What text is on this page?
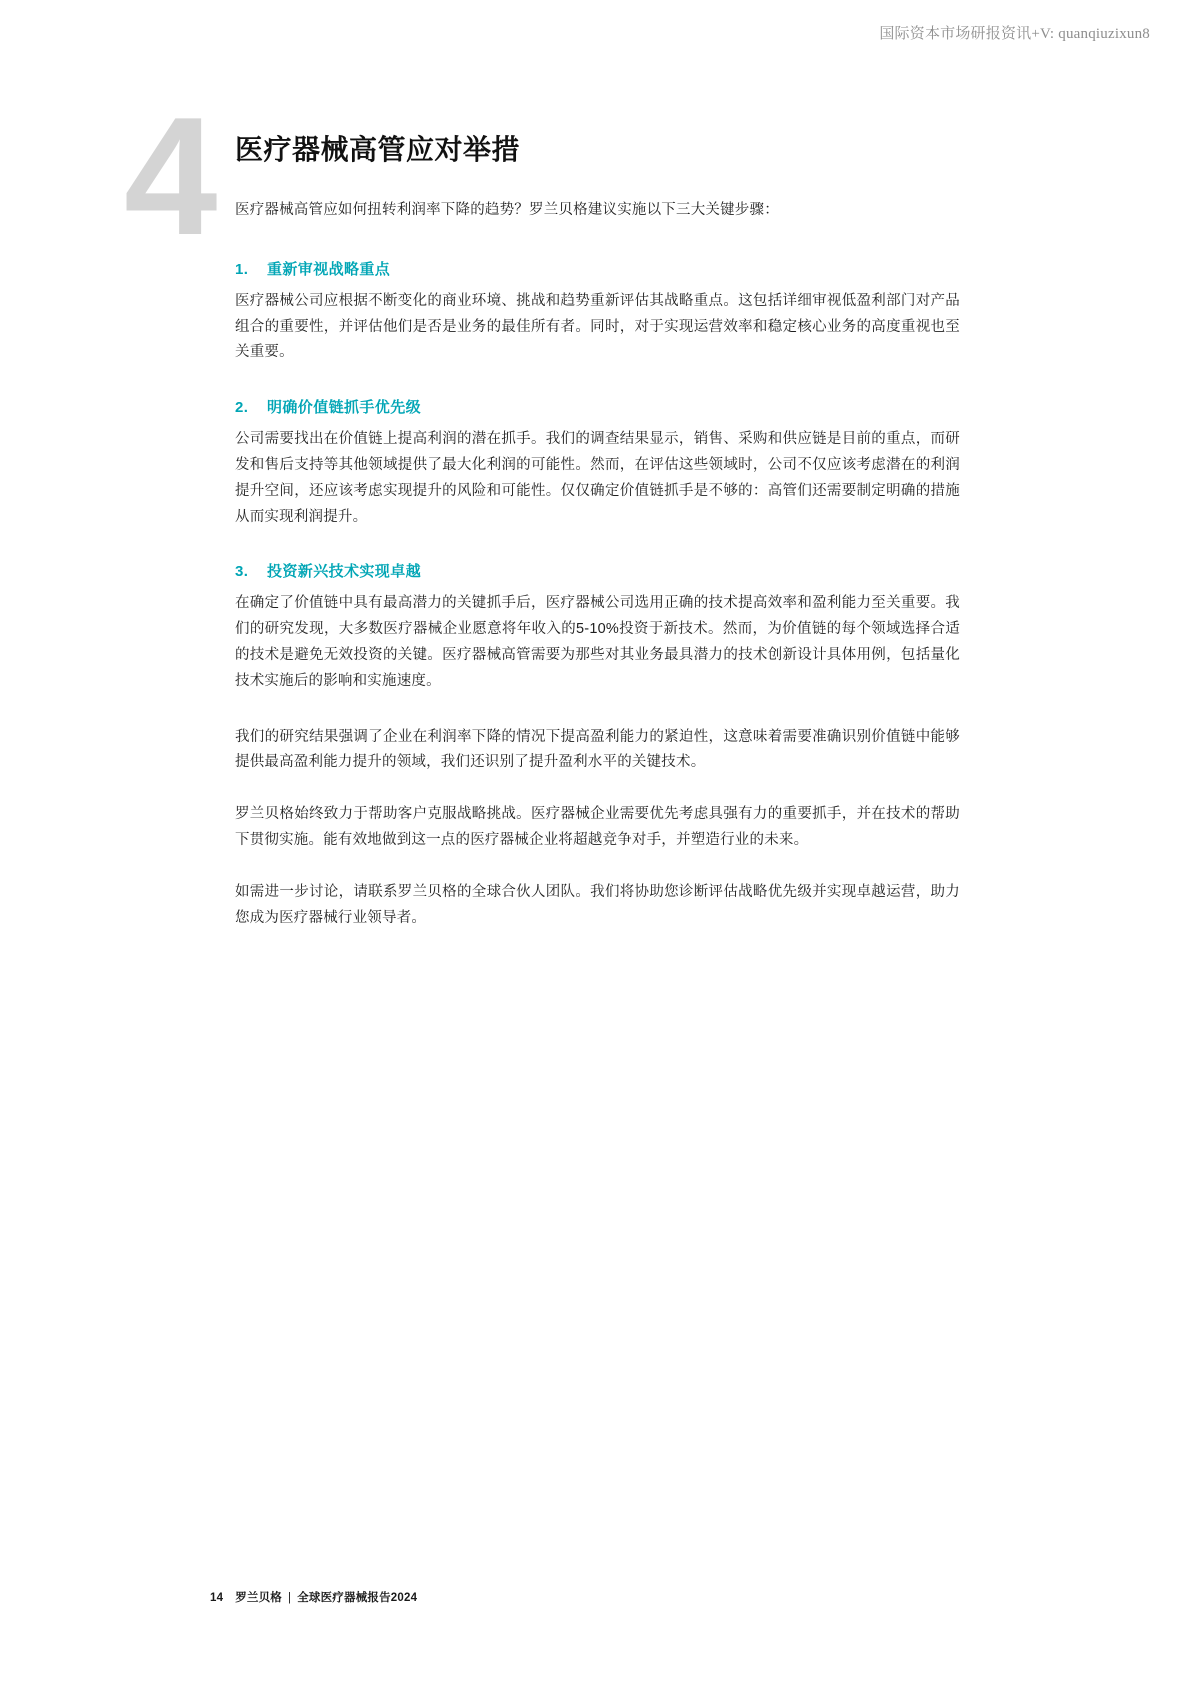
国际资本市场研报资讯+V: quanqiuzixun8
4 医疗器械高管应对举措

医疗器械高管应如何扭转利润率下降的趋势？罗兰贝格建议实施以下三大关键步骤：

1.	重新审视战略重点
医疗器械公司应根据不断变化的商业环境、挑战和趋势重新评估其战略重点。这包括详细审视低盈利部门对产品组合的重要性，并评估他们是否是业务的最佳所有者。同时，对于实现运营效率和稳定核心业务的高度重视也至关重要。
2.	明确价值链抓手优先级
公司需要找出在价值链上提高利润的潜在抓手。我们的调查结果显示，销售、采购和供应链是目前的重点，而研发和售后支持等其他领域提供了最大化利润的可能性。然而，在评估这些领域时，公司不仅应该考虑潜在的利润提升空间，还应该考虑实现提升的风险和可能性。仅仅确定价值链抓手是不够的：高管们还需要制定明确的措施从而实现利润提升。
3.	投资新兴技术实现卓越
在确定了价值链中具有最高潜力的关键抓手后，医疗器械公司选用正确的技术提高效率和盈利能力至关重要。我们的研究发现，大多数医疗器械企业愿意将年收入的5-10%投资于新技术。然而，为价值链的每个领域选择合适的技术是避免无效投资的关键。医疗器械高管需要为那些对其业务最具潜力的技术创新设计具体用例，包括量化技术实施后的影响和实施速度。

我们的研究结果强调了企业在利润率下降的情况下提高盈利能力的紧迫性，这意味着需要准确识别价值链中能够提供最高盈利能力提升的领域，我们还识别了提升盈利水平的关键技术。

罗兰贝格始终致力于帮助客户克服战略挑战。医疗器械企业需要优先考虑具强有力的重要抓手，并在技术的帮助下贯彻实施。能有效地做到这一点的医疗器械企业将超越竞争对手，并塑造行业的未来。

如需进一步讨论，请联系罗兰贝格的全球合伙人团队。我们将协助您诊断评估战略优先级并实现卓越运营，助力您成为医疗器械行业领导者。

14 罗兰贝格 | 全球医疗器械报告2024
